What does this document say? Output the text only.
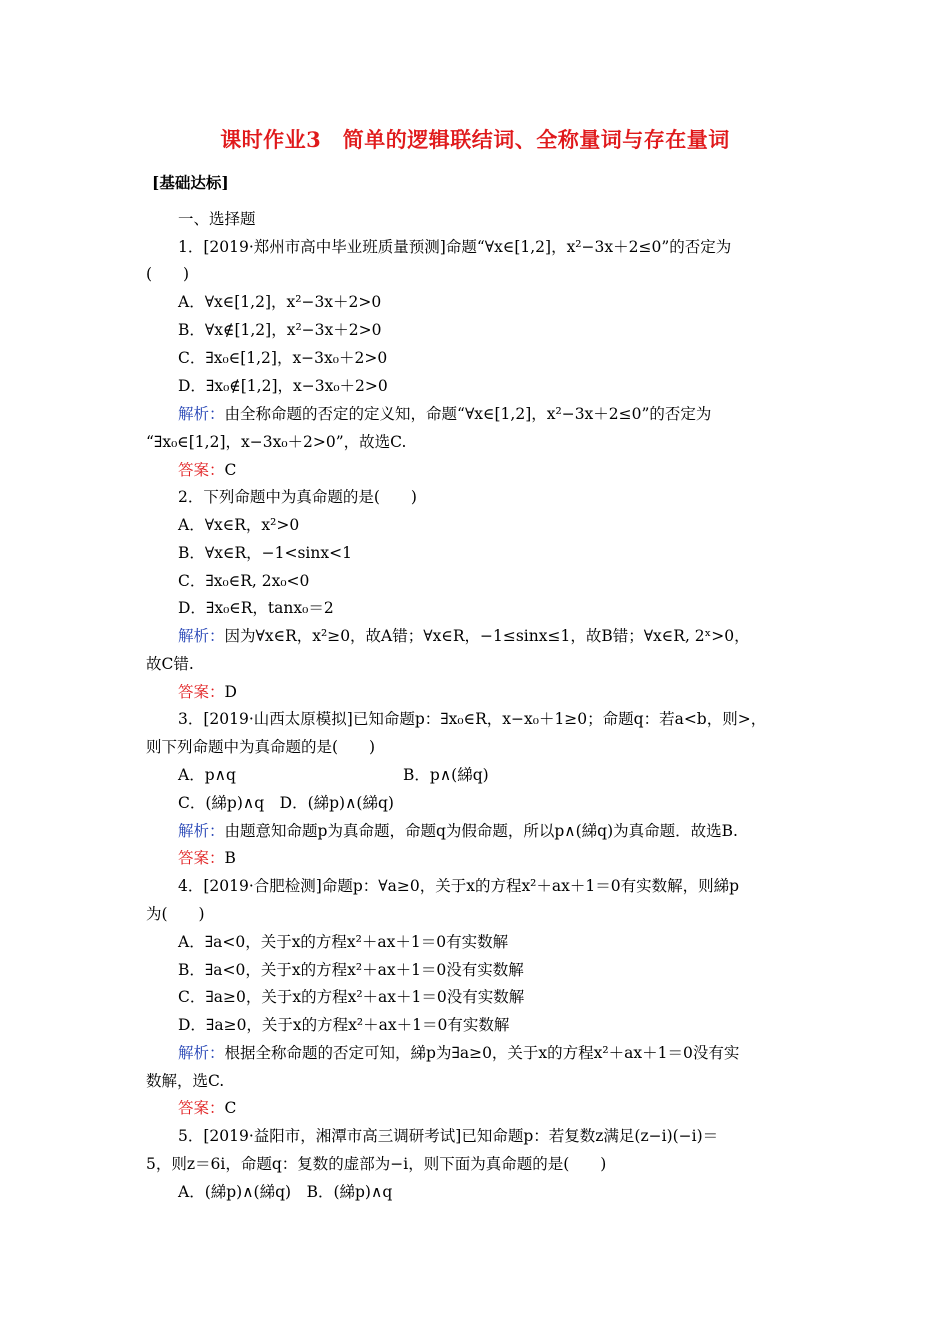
课时作业3　简单的逻辑联结词、全称量词与存在量词
[基础达标]
一、选择题
1．[2019·郑州市高中毕业班质量预测]命题“∀x∈[1,2]，x²−3x＋2≤0”的否定为
(　　)
A．∀x∈[1,2]，x²−3x＋2>0
B．∀x∉[1,2]，x²−3x＋2>0
C．∃x₀∈[1,2]，x−3x₀＋2>0
D．∃x₀∉[1,2]，x−3x₀＋2>0
解析：由全称命题的否定的定义知，命题“∀x∈[1,2]，x²−3x＋2≤0”的否定为
“∃x₀∈[1,2]，x−3x₀＋2>0”，故选C.
答案：C
2．下列命题中为真命题的是(　　)
A．∀x∈R，x²>0
B．∀x∈R，−1<sinx<1
C．∃x₀∈R, 2x₀<0
D．∃x₀∈R，tanx₀＝2
解析：因为∀x∈R，x²≥0，故A错；∀x∈R，−1≤sinx≤1，故B错；∀x∈R, 2ˣ>0，
故C错.
答案：D
3．[2019·山西太原模拟]已知命题p：∃x₀∈R，x−x₀＋1≥0；命题q：若a<b，则>，
则下列命题中为真命题的是(　　)
A．p∧q	B．p∧(綈q)
C．(綈p)∧q　D．(綈p)∧(綈q)
解析：由题意知命题p为真命题，命题q为假命题，所以p∧(綈q)为真命题．故选B.
答案：B
4．[2019·合肥检测]命题p：∀a≥0，关于x的方程x²＋ax＋1＝0有实数解，则綈p
为(　　)
A．∃a<0，关于x的方程x²＋ax＋1＝0有实数解
B．∃a<0，关于x的方程x²＋ax＋1＝0没有实数解
C．∃a≥0，关于x的方程x²＋ax＋1＝0没有实数解
D．∃a≥0，关于x的方程x²＋ax＋1＝0有实数解
解析：根据全称命题的否定可知，綈p为∃a≥0，关于x的方程x²＋ax＋1＝0没有实
数解，选C.
答案：C
5．[2019·益阳市，湘潭市高三调研考试]已知命题p：若复数z满足(z−i)(−i)＝
5，则z＝6i，命题q：复数的虚部为−i，则下面为真命题的是(　　)
A．(綈p)∧(綈q)　B．(綈p)∧q
